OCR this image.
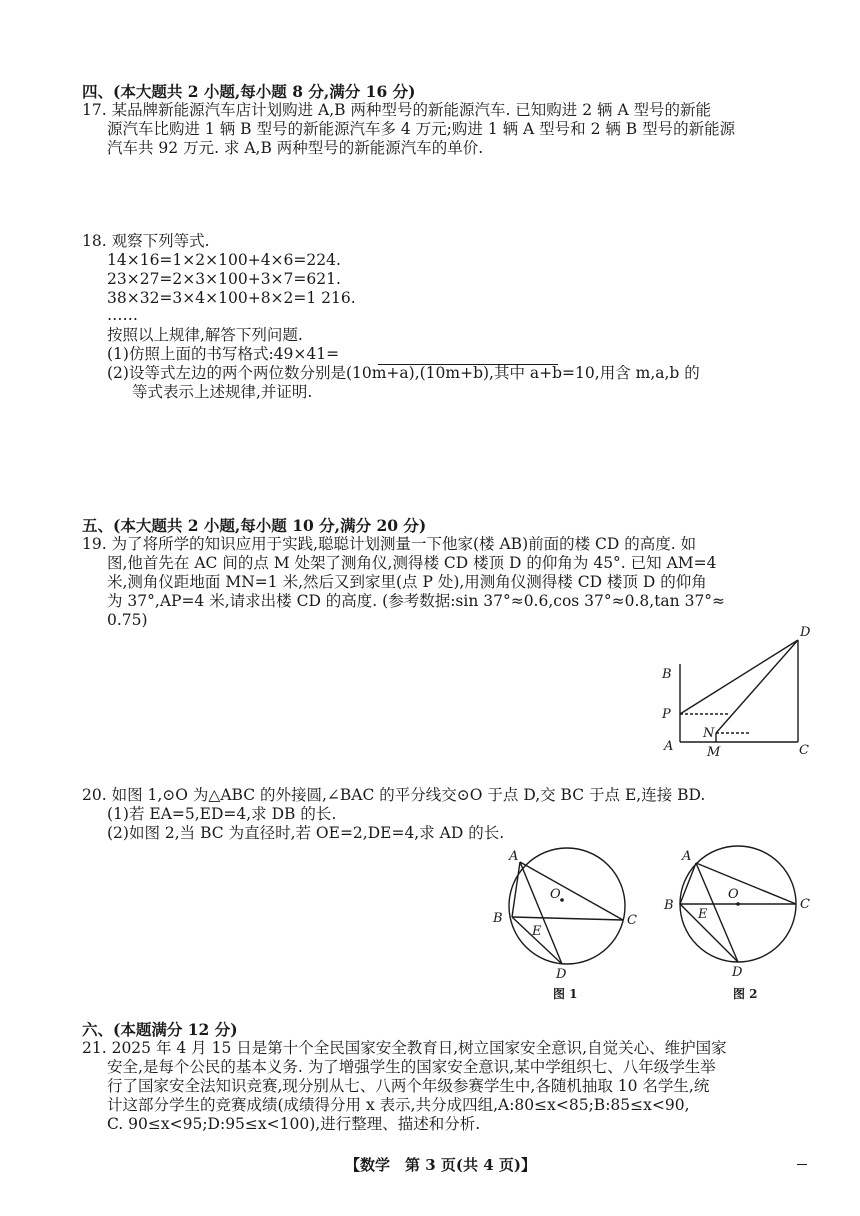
四、(本大题共 2 小题,每小题 8 分,满分 16 分)
17. 某品牌新能源汽车店计划购进 A,B 两种型号的新能源汽车. 已知购进 2 辆 A 型号的新能
源汽车比购进 1 辆 B 型号的新能源汽车多 4 万元;购进 1 辆 A 型号和 2 辆 B 型号的新能源
汽车共 92 万元. 求 A,B 两种型号的新能源汽车的单价.
18. 观察下列等式.
14×16=1×2×100+4×6=224.
23×27=2×3×100+3×7=621.
38×32=3×4×100+8×2=1 216.
……
按照以上规律,解答下列问题.
(1)仿照上面的书写格式:49×41=
(2)设等式左边的两个两位数分别是(10m+a),(10m+b),其中 a+b=10,用含 m,a,b 的
等式表示上述规律,并证明.
五、(本大题共 2 小题,每小题 10 分,满分 20 分)
19. 为了将所学的知识应用于实践,聪聪计划测量一下他家(楼 AB)前面的楼 CD 的高度. 如
图,他首先在 AC 间的点 M 处架了测角仪,测得楼 CD 楼顶 D 的仰角为 45°. 已知 AM=4
米,测角仪距地面 MN=1 米,然后又到家里(点 P 处),用测角仪测得楼 CD 楼顶 D 的仰角
为 37°,AP=4 米,请求出楼 CD 的高度. (参考数据:sin 37°≈0.6,cos 37°≈0.8,tan 37°≈
0.75)
D
B
P
N
A	M	C
20. 如图 1,⊙O 为△ABC 的外接圆,∠BAC 的平分线交⊙O 于点 D,交 BC 于点 E,连接 BD.
(1)若 EA=5,ED=4,求 DB 的长.
(2)如图 2,当 BC 为直径时,若 OE=2,DE=4,求 AD 的长.
A
O
B	C
E
D
图 1
A
O
B	C
E
D
图 2
六、(本题满分 12 分)
21. 2025 年 4 月 15 日是第十个全民国家安全教育日,树立国家安全意识,自觉关心、维护国家
安全,是每个公民的基本义务. 为了增强学生的国家安全意识,某中学组织七、八年级学生举
行了国家安全法知识竞赛,现分别从七、八两个年级参赛学生中,各随机抽取 10 名学生,统
计这部分学生的竞赛成绩(成绩得分用 x 表示,共分成四组,A:80≤x<85;B:85≤x<90,
C. 90≤x<95;D:95≤x<100),进行整理、描述和分析.
【数学　第 3 页(共 4 页)】
